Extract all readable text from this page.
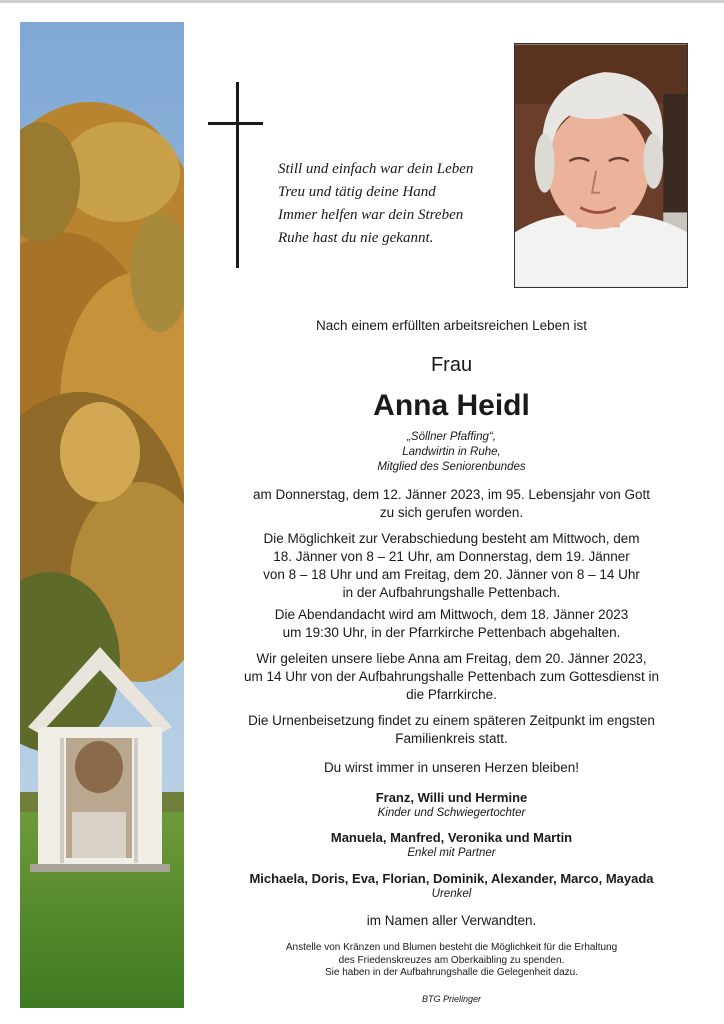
Still und einfach war dein Leben
Treu und tätig deine Hand
Immer helfen war dein Streben
Ruhe hast du nie gekannt.
Nach einem erfüllten arbeitsreichen Leben ist
Frau
Anna Heidl
„Söllner Pfaffing“,
Landwirtin in Ruhe,
Mitglied des Seniorenbundes
am Donnerstag, dem 12. Jänner 2023, im 95. Lebensjahr von Gott
zu sich gerufen worden.
Die Möglichkeit zur Verabschiedung besteht am Mittwoch, dem
18. Jänner von 8 – 21 Uhr, am Donnerstag, dem 19. Jänner
von 8 – 18 Uhr und am Freitag, dem 20. Jänner von 8 – 14 Uhr
in der Aufbahrungshalle Pettenbach.
Die Abendandacht wird am Mittwoch, dem 18. Jänner 2023
um 19:30 Uhr, in der Pfarrkirche Pettenbach abgehalten.
Wir geleiten unsere liebe Anna am Freitag, dem 20. Jänner 2023,
um 14 Uhr von der Aufbahrungshalle Pettenbach zum Gottesdienst in
die Pfarrkirche.
Die Urnenbeisetzung findet zu einem späteren Zeitpunkt im engsten
Familienkreis statt.
Du wirst immer in unseren Herzen bleiben!
Franz, Willi und Hermine
Kinder und Schwiegertochter
Manuela, Manfred, Veronika und Martin
Enkel mit Partner
Michaela, Doris, Eva, Florian, Dominik, Alexander, Marco, Mayada
Urenkel
im Namen aller Verwandten.
Anstelle von Kränzen und Blumen besteht die Möglichkeit für die Erhaltung
des Friedenskreuzes am Oberkaibling zu spenden.
Sie haben in der Aufbahrungshalle die Gelegenheit dazu.
BTG Prielinger
